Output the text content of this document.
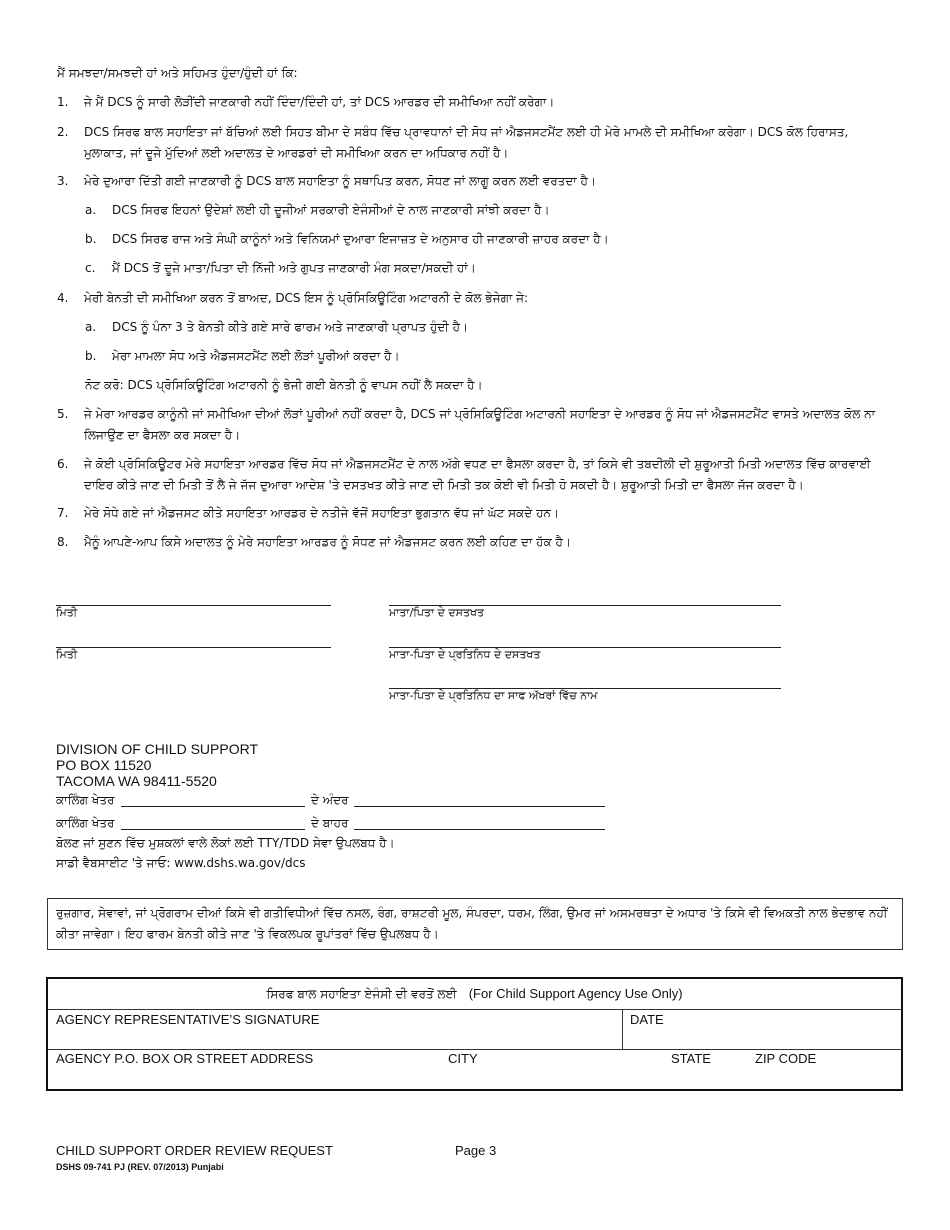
ਮੈਂ ਸਮਝਦਾ/ਸਮਝਦੀ ਹਾਂ ਅਤੇ ਸਹਿਮਤ ਹੁੰਦਾ/ਹੁੰਦੀ ਹਾਂ ਕਿ:
1. ਜੇ ਮੈਂ DCS ਨੂੰ ਸਾਰੀ ਲੋੜੀਂਦੀ ਜਾਣਕਾਰੀ ਨਹੀਂ ਦਿੰਦਾ/ਦਿੰਦੀ ਹਾਂ, ਤਾਂ DCS ਆਰਡਰ ਦੀ ਸਮੀਖਿਆ ਨਹੀਂ ਕਰੇਗਾ।
2. DCS ਸਿਰਫ ਬਾਲ ਸਹਾਇਤਾ ਜਾਂ ਬੱਚਿਆਂ ਲਈ ਸਿਹਤ ਬੀਮਾ ਦੇ ਸਬੰਧ ਵਿੱਚ ਪ੍ਰਾਵਧਾਨਾਂ ਦੀ ਸੋਧ ਜਾਂ ਐਡਜਸਟਮੈਂਟ ਲਈ ਹੀ ਮੇਰੇ ਮਾਮਲੇ ਦੀ ਸਮੀਖਿਆ ਕਰੇਗਾ। DCS ਕੋਲ ਹਿਰਾਸਤ, ਮੁਲਾਕਾਤ, ਜਾਂ ਦੂਜੇ ਮੁੱਦਿਆਂ ਲਈ ਅਦਾਲਤ ਦੇ ਆਰਡਰਾਂ ਦੀ ਸਮੀਖਿਆ ਕਰਨ ਦਾ ਅਧਿਕਾਰ ਨਹੀਂ ਹੈ।
3. ਮੇਰੇ ਦੁਆਰਾ ਦਿੱਤੀ ਗਈ ਜਾਣਕਾਰੀ ਨੂੰ DCS ਬਾਲ ਸਹਾਇਤਾ ਨੂੰ ਸਥਾਪਿਤ ਕਰਨ, ਸੋਧਣ ਜਾਂ ਲਾਗੂ ਕਰਨ ਲਈ ਵਰਤਦਾ ਹੈ।
a. DCS ਸਿਰਫ ਇਹਨਾਂ ਉਦੇਸ਼ਾਂ ਲਈ ਹੀ ਦੂਜੀਆਂ ਸਰਕਾਰੀ ਏਜੰਸੀਆਂ ਦੇ ਨਾਲ ਜਾਣਕਾਰੀ ਸਾਂਝੀ ਕਰਦਾ ਹੈ।
b. DCS ਸਿਰਫ ਰਾਜ ਅਤੇ ਸੰਘੀ ਕਾਨੂੰਨਾਂ ਅਤੇ ਵਿਨਿਯਮਾਂ ਦੁਆਰਾ ਇਜਾਜ਼ਤ ਦੇ ਅਨੁਸਾਰ ਹੀ ਜਾਣਕਾਰੀ ਜ਼ਾਹਰ ਕਰਦਾ ਹੈ।
c. ਮੈਂ DCS ਤੋਂ ਦੂਜੇ ਮਾਤਾ/ਪਿਤਾ ਦੀ ਨਿੱਜੀ ਅਤੇ ਗੁਪਤ ਜਾਣਕਾਰੀ ਮੰਗ ਸਕਦਾ/ਸਕਦੀ ਹਾਂ।
4. ਮੇਰੀ ਬੇਨਤੀ ਦੀ ਸਮੀਖਿਆ ਕਰਨ ਤੋਂ ਬਾਅਦ, DCS ਇਸ ਨੂੰ ਪ੍ਰੋਸਿਕਿਊਟਿੰਗ ਅਟਾਰਨੀ ਦੇ ਕੋਲ ਭੇਜੇਗਾ ਜੇ:
a. DCS ਨੂੰ ਪੰਨਾ 3 ਤੇ ਬੇਨਤੀ ਕੀਤੇ ਗਏ ਸਾਰੇ ਫਾਰਮ ਅਤੇ ਜਾਣਕਾਰੀ ਪ੍ਰਾਪਤ ਹੁੰਦੀ ਹੈ।
b. ਮੇਰਾ ਮਾਮਲਾ ਸੋਧ ਅਤੇ ਐਡਜਸਟਮੈਂਟ ਲਈ ਲੋੜਾਂ ਪੂਰੀਆਂ ਕਰਦਾ ਹੈ।
ਨੋਟ ਕਰੋ: DCS ਪ੍ਰੋਸਿਕਿਊਟਿੰਗ ਅਟਾਰਨੀ ਨੂੰ ਭੇਜੀ ਗਈ ਬੇਨਤੀ ਨੂੰ ਵਾਪਸ ਨਹੀਂ ਲੈ ਸਕਦਾ ਹੈ।
5. ਜੇ ਮੇਰਾ ਆਰਡਰ ਕਾਨੂੰਨੀ ਜਾਂ ਸਮੀਖਿਆ ਦੀਆਂ ਲੋੜਾਂ ਪੂਰੀਆਂ ਨਹੀਂ ਕਰਦਾ ਹੈ, DCS ਜਾਂ ਪ੍ਰੋਸਿਕਿਊਟਿੰਗ ਅਟਾਰਨੀ ਸਹਾਇਤਾ ਦੇ ਆਰਡਰ ਨੂੰ ਸੋਧ ਜਾਂ ਐਡਜਸਟਮੈਂਟ ਵਾਸਤੇ ਅਦਾਲਤ ਕੋਲ ਨਾ ਲਿਜਾਉਣ ਦਾ ਫੈਸਲਾ ਕਰ ਸਕਦਾ ਹੈ।
6. ਜੇ ਕੋਈ ਪ੍ਰੋਸਿਕਿਊਟਰ ਮੇਰੇ ਸਹਾਇਤਾ ਆਰਡਰ ਵਿੱਚ ਸੋਧ ਜਾਂ ਐਡਜਸਟਮੈਂਟ ਦੇ ਨਾਲ ਅੱਗੇ ਵਧਣ ਦਾ ਫੈਸਲਾ ਕਰਦਾ ਹੈ, ਤਾਂ ਕਿਸੇ ਵੀ ਤਬਦੀਲੀ ਦੀ ਸ਼ੁਰੂਆਤੀ ਮਿਤੀ ਅਦਾਲਤ ਵਿੱਚ ਕਾਰਵਾਈ ਦਾਇਰ ਕੀਤੇ ਜਾਣ ਦੀ ਮਿਤੀ ਤੋਂ ਲੈ ਜੇ ਜੱਜ ਦੁਆਰਾ ਆਦੇਸ਼ 'ਤੇ ਦਸਤਖਤ ਕੀਤੇ ਜਾਣ ਦੀ ਮਿਤੀ ਤਕ ਕੋਈ ਵੀ ਮਿਤੀ ਹੋ ਸਕਦੀ ਹੈ। ਸ਼ੁਰੂਆਤੀ ਮਿਤੀ ਦਾ ਫੈਸਲਾ ਜੱਜ ਕਰਦਾ ਹੈ।
7. ਮੇਰੇ ਸੋਧੇ ਗਏ ਜਾਂ ਐਡਜਸਟ ਕੀਤੇ ਸਹਾਇਤਾ ਆਰਡਰ ਦੇ ਨਤੀਜੇ ਵੱਜੋਂ ਸਹਾਇਤਾ ਭੁਗਤਾਨ ਵੱਧ ਜਾਂ ਘੱਟ ਸਕਦੇ ਹਨ।
8. ਮੈਨੂੰ ਆਪਣੇ-ਆਪ ਕਿਸੇ ਅਦਾਲਤ ਨੂੰ ਮੇਰੇ ਸਹਾਇਤਾ ਆਰਡਰ ਨੂੰ ਸੋਧਣ ਜਾਂ ਐਡਜਸਟ ਕਰਨ ਲਈ ਕਹਿਣ ਦਾ ਹੱਕ ਹੈ।
ਮਿਤੀ	ਮਾਤਾ/ਪਿਤਾ ਦੇ ਦਸਤਖਤ
ਮਿਤੀ	ਮਾਤਾ-ਪਿਤਾ ਦੇ ਪ੍ਰਤਿਨਿਧ ਦੇ ਦਸਤਖਤ
ਮਾਤਾ-ਪਿਤਾ ਦੇ ਪ੍ਰਤਿਨਿਧ ਦਾ ਸਾਫ ਅੱਖਰਾਂ ਵਿੱਚ ਨਾਮ
DIVISION OF CHILD SUPPORT
PO BOX 11520
TACOMA WA 98411-5520
ਕਾਲਿੰਗ ਖੇਤਰ	ਦੇ ਅੰਦਰ
ਕਾਲਿੰਗ ਖੇਤਰ	ਦੇ ਬਾਹਰ
ਬੋਲਣ ਜਾਂ ਸੁਣਨ ਵਿੱਚ ਮੁਸ਼ਕਲਾਂ ਵਾਲੇ ਲੋਕਾਂ ਲਈ TTY/TDD ਸੇਵਾ ਉਪਲਬਧ ਹੈ।
ਸਾਡੀ ਵੈਬਸਾਈਟ 'ਤੇ ਜਾਓ: www.dshs.wa.gov/dcs
ਰੁਜ਼ਗਾਰ, ਸੇਵਾਵਾਂ, ਜਾਂ ਪ੍ਰੋਗਰਾਮ ਦੀਆਂ ਕਿਸੇ ਵੀ ਗਤੀਵਿਧੀਆਂ ਵਿੱਚ ਨਸਲ, ਰੰਗ, ਰਾਸ਼ਟਰੀ ਮੂਲ, ਸੰਪਰਦਾ, ਧਰਮ, ਲਿੰਗ, ਉਮਰ ਜਾਂ ਅਸਮਰਥਤਾ ਦੇ ਅਧਾਰ 'ਤੇ ਕਿਸੇ ਵੀ ਵਿਅਕਤੀ ਨਾਲ ਭੇਦਭਾਵ ਨਹੀਂ ਕੀਤਾ ਜਾਵੇਗਾ। ਇਹ ਫਾਰਮ ਬੇਨਤੀ ਕੀਤੇ ਜਾਣ 'ਤੇ ਵਿਕਲਪਕ ਰੂਪਾਂਤਰਾਂ ਵਿੱਚ ਉਪਲਬਧ ਹੈ।
ਸਿਰਫ ਬਾਲ ਸਹਾਇਤਾ ਏਜੰਸੀ ਦੀ ਵਰਤੋਂ ਲਈ (For Child Support Agency Use Only)
AGENCY REPRESENTATIVE’S SIGNATURE	DATE
AGENCY P.O. BOX OR STREET ADDRESS	CITY	STATE	ZIP CODE
CHILD SUPPORT ORDER REVIEW REQUEST	Page 3
DSHS 09-741 PJ (REV. 07/2013) Punjabi
